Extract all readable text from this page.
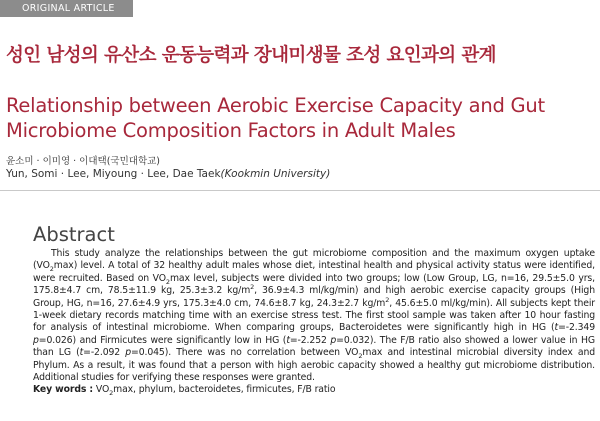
ORIGINAL ARTICLE
성인 남성의 유산소 운동능력과 장내미생물 조성 요인과의 관계
Relationship between Aerobic Exercise Capacity and Gut Microbiome Composition Factors in Adult Males
윤소미 · 이미영 · 이대택(국민대학교)
Yun, Somi · Lee, Miyoung · Lee, Dae Taek(Kookmin University)
Abstract

This study analyze the relationships between the gut microbiome composition and the maximum oxygen uptake $(VO_2\max)$ level. A total of 32 healthy adult males whose diet, intestinal health and physical activity status were identified, were recruited. Based on $VO_2\max$ level, subjects were divided into two groups; low (Low Group, LG, n=16, 29.5±5.0 yrs, 175.8±4.7 cm, 78.5±11.9 kg, 25.3±3.2 $kg/m^2$, 36.9±4.3 ml/kg/min) and high aerobic exercise capacity groups (High Group, HG, n=16, 27.6±4.9 yrs, 175.3±4.0 cm, 74.6±8.7 kg, 24.3±2.7 $kg/m^2$, 45.6±5.0 ml/kg/min). All subjects kept their 1-week dietary records matching time with an exercise stress test. The first stool sample was taken after 10 hour fasting for analysis of intestinal microbiome. When comparing groups, Bacteroidetes were significantly high in HG (t=-2.349 p=0.026) and Firmicutes were significantly low in HG (t=-2.252 p=0.032). The F/B ratio also showed a lower value in HG than LG (t=-2.092 p=0.045). There was no correlation between $VO_2\max$ and intestinal microbial diversity index and Phylum. As a result, it was found that a person with high aerobic capacity showed a healthy gut microbiome distribution. Additional studies for verifying these responses were granted.

Key words : $VO_2\max$, phylum, bacteroidetes, firmicutes, F/B ratio
